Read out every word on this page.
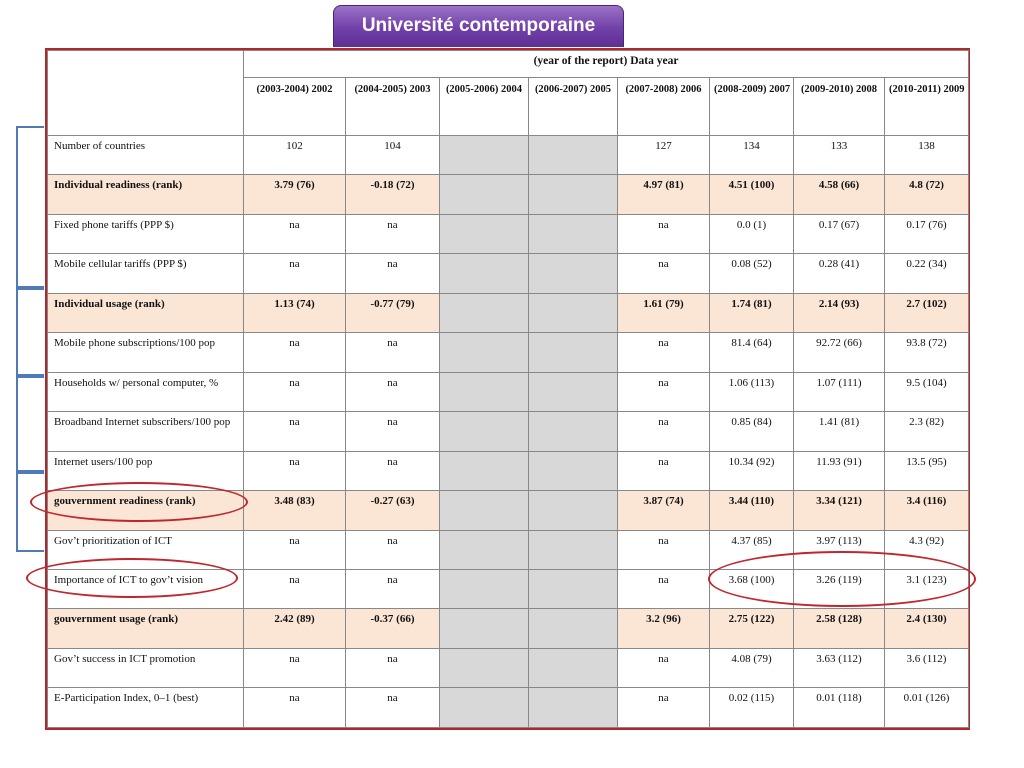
Université contemporaine
	(year of the report) Data year							
	(2003-2004) 2002	(2004-2005) 2003	(2005-2006) 2004	(2006-2007) 2005	(2007-2008) 2006	(2008-2009) 2007	(2009-2010) 2008	(2010-2011) 2009
Number of countries	102	104			127	134	133	138
Individual readiness (rank)	3.79 (76)	-0.18 (72)			4.97 (81)	4.51 (100)	4.58 (66)	4.8 (72)
Fixed phone tariffs (PPP $)	na	na			na	0.0 (1)	0.17 (67)	0.17 (76)
Mobile cellular tariffs (PPP $)	na	na			na	0.08 (52)	0.28 (41)	0.22 (34)
Individual usage (rank)	1.13 (74)	-0.77 (79)			1.61 (79)	1.74 (81)	2.14 (93)	2.7 (102)
Mobile phone subscriptions/100 pop	na	na			na	81.4 (64)	92.72 (66)	93.8 (72)
Households w/ personal computer, %	na	na			na	1.06 (113)	1.07 (111)	9.5 (104)
Broadband Internet subscribers/100 pop	na	na			na	0.85 (84)	1.41 (81)	2.3 (82)
Internet users/100 pop	na	na			na	10.34 (92)	11.93 (91)	13.5 (95)
gouvernment readiness (rank)	3.48 (83)	-0.27 (63)			3.87 (74)	3.44 (110)	3.34 (121)	3.4 (116)
Gov’t prioritization of ICT	na	na			na	4.37 (85)	3.97 (113)	4.3 (92)
Importance of ICT to gov’t vision	na	na			na	3.68 (100)	3.26 (119)	3.1 (123)
gouvernment usage (rank)	2.42 (89)	-0.37 (66)			3.2 (96)	2.75 (122)	2.58 (128)	2.4 (130)
Gov’t success in ICT promotion	na	na			na	4.08 (79)	3.63 (112)	3.6 (112)
E-Participation Index, 0–1 (best)	na	na			na	0.02 (115)	0.01 (118)	0.01 (126)
